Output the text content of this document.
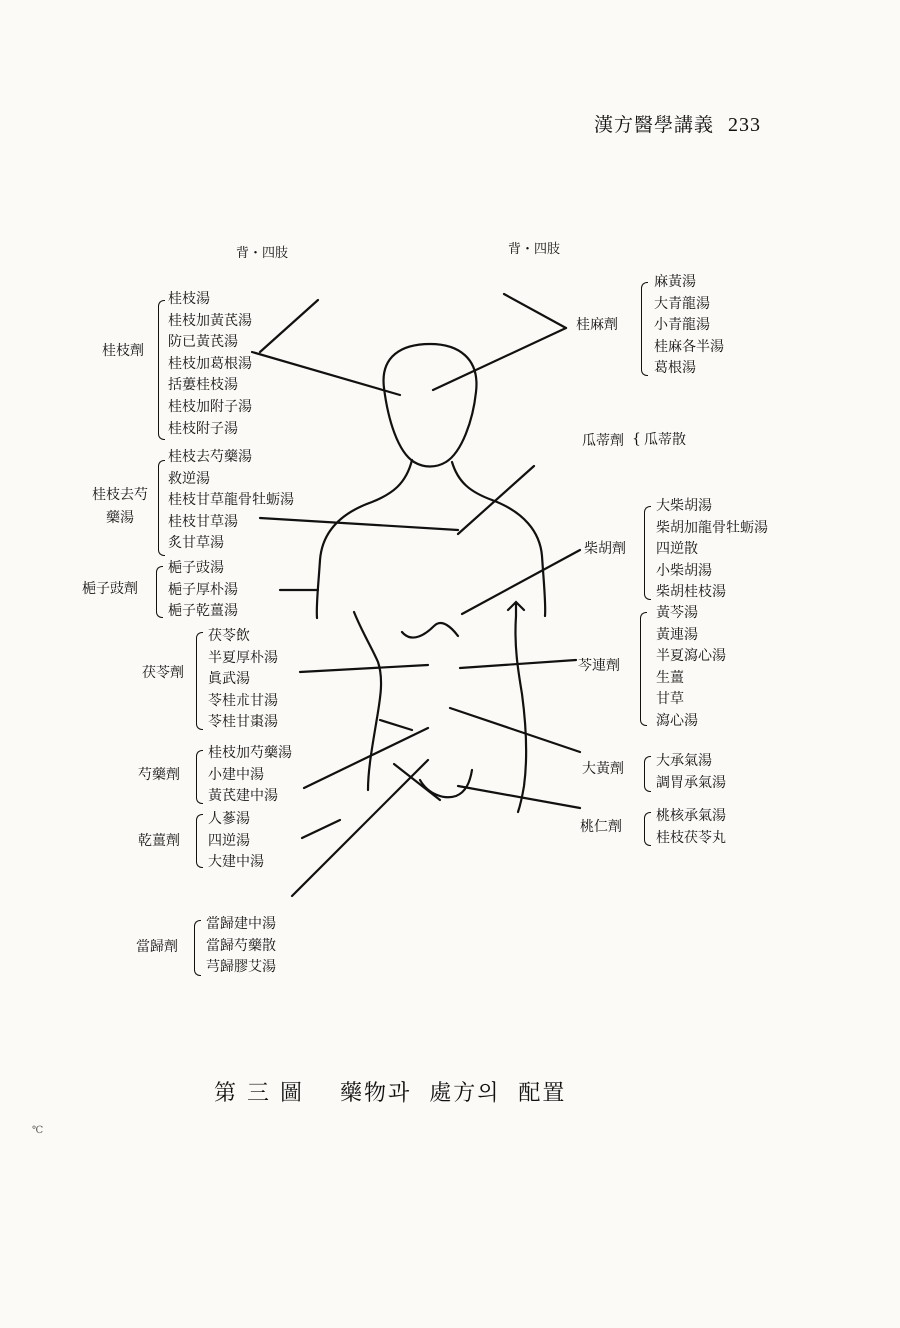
漢方醫學講義 233
背・四肢	背・四肢
桂枝劑
桂枝湯
桂枝加黃芪湯
防已黃芪湯
桂枝加葛根湯
括蔞桂枝湯
桂枝加附子湯
桂枝附子湯
桂枝去芍藥湯
桂枝去芍藥湯
救逆湯
桂枝甘草龍骨牡蛎湯
桂枝甘草湯
炙甘草湯
梔子豉劑
梔子豉湯
梔子厚朴湯
梔子乾薑湯
茯苓劑
茯苓飲
半夏厚朴湯
眞武湯
苓桂朮甘湯
苓桂甘棗湯
芍藥劑
桂枝加芍藥湯
小建中湯
黃芪建中湯
乾薑劑
人蔘湯
四逆湯
大建中湯
當歸劑
當歸建中湯
當歸芍藥散
芎歸膠艾湯
桂麻劑
麻黃湯
大青龍湯
小青龍湯
桂麻各半湯
葛根湯
瓜蒂劑 { 瓜蒂散
柴胡劑
大柴胡湯
柴胡加龍骨牡蛎湯
四逆散
小柴胡湯
柴胡桂枝湯
芩連劑
黃芩湯
黃連湯
半夏瀉心湯
生薑
甘草
瀉心湯
大黃劑 大承氣湯
調胃承氣湯
桃仁劑
桃核承氣湯
桂枝茯苓丸
第 三 圖    藥物과  處方의  配置
℃
